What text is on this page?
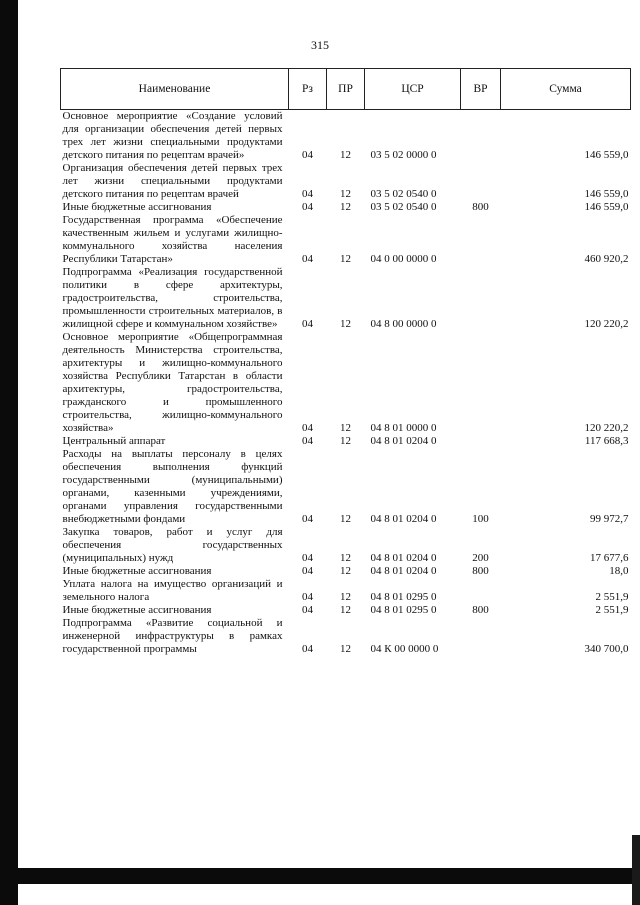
315
Наименование	Рз	ПР	ЦСР	ВР	Сумма
Основное мероприятие «Создание условий для организации обеспечения детей первых трех лет жизни специальными продуктами детского питания по рецептам врачей»	04	12	03 5 02 0000 0		146 559,0
Организация обеспечения детей первых трех лет жизни специальными продуктами детского питания по рецептам врачей	04	12	03 5 02 0540 0		146 559,0
Иные бюджетные ассигнования	04	12	03 5 02 0540 0	800	146 559,0
Государственная программа «Обеспечение качественным жильем и услугами жилищно-коммунального хозяйства населения Республики Татарстан»	04	12	04 0 00 0000 0		460 920,2
Подпрограмма «Реализация государственной политики в сфере архитектуры, градостроительства, строительства, промышленности строительных материалов, в жилищной сфере и коммунальном хозяйстве»	04	12	04 8 00 0000 0		120 220,2
Основное мероприятие «Общепрограммная деятельность Министерства строительства, архитектуры и жилищно-коммунального хозяйства Республики Татарстан в области архитектуры, градостроительства, гражданского и промышленного строительства, жилищно-коммунального хозяйства»	04	12	04 8 01 0000 0		120 220,2
Центральный аппарат	04	12	04 8 01 0204 0		117 668,3
Расходы на выплаты персоналу в целях обеспечения выполнения функций государственными (муниципальными) органами, казенными учреждениями, органами управления государственными внебюджетными фондами	04	12	04 8 01 0204 0	100	99 972,7
Закупка товаров, работ и услуг для обеспечения государственных (муниципальных) нужд	04	12	04 8 01 0204 0	200	17 677,6
Иные бюджетные ассигнования	04	12	04 8 01 0204 0	800	18,0
Уплата налога на имущество организаций и земельного налога	04	12	04 8 01 0295 0		2 551,9
Иные бюджетные ассигнования	04	12	04 8 01 0295 0	800	2 551,9
Подпрограмма «Развитие социальной и инженерной инфраструктуры в рамках государственной программы	04	12	04 К 00 0000 0		340 700,0
